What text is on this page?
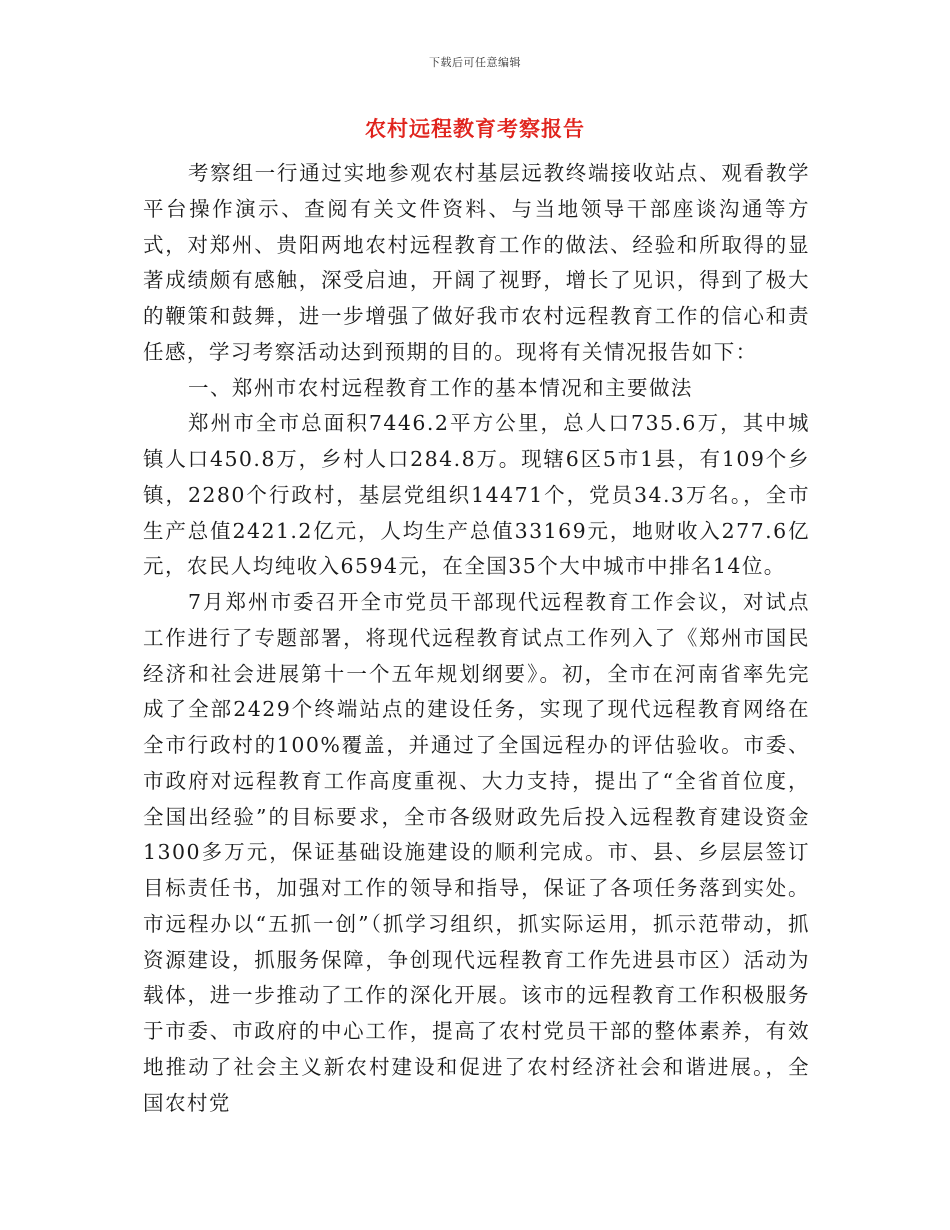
下载后可任意编辑
农村远程教育考察报告

考察组一行通过实地参观农村基层远教终端接收站点、观看教学平台操作演示、查阅有关文件资料、与当地领导干部座谈沟通等方式，对郑州、贵阳两地农村远程教育工作的做法、经验和所取得的显著成绩颇有感触，深受启迪，开阔了视野，增长了见识，得到了极大的鞭策和鼓舞，进一步增强了做好我市农村远程教育工作的信心和责任感，学习考察活动达到预期的目的。现将有关情况报告如下：

一、郑州市农村远程教育工作的基本情况和主要做法

郑州市全市总面积7446.2平方公里，总人口735.6万，其中城镇人口450.8万，乡村人口284.8万。现辖6区5市1县，有109个乡镇，2280个行政村，基层党组织14471个，党员34.3万名。，全市生产总值2421.2亿元，人均生产总值33169元，地财收入277.6亿元，农民人均纯收入6594元，在全国35个大中城市中排名14位。

7月郑州市委召开全市党员干部现代远程教育工作会议，对试点工作进行了专题部署，将现代远程教育试点工作列入了《郑州市国民经济和社会进展第十一个五年规划纲要》。初，全市在河南省率先完成了全部2429个终端站点的建设任务，实现了现代远程教育网络在全市行政村的100%覆盖，并通过了全国远程办的评估验收。市委、市政府对远程教育工作高度重视、大力支持，提出了“全省首位度，全国出经验”的目标要求，全市各级财政先后投入远程教育建设资金1300多万元，保证基础设施建设的顺利完成。市、县、乡层层签订目标责任书，加强对工作的领导和指导，保证了各项任务落到实处。市远程办以“五抓一创”（抓学习组织，抓实际运用，抓示范带动，抓资源建设，抓服务保障，争创现代远程教育工作先进县市区）活动为载体，进一步推动了工作的深化开展。该市的远程教育工作积极服务于市委、市政府的中心工作，提高了农村党员干部的整体素养，有效地推动了社会主义新农村建设和促进了农村经济社会和谐进展。，全国农村党
